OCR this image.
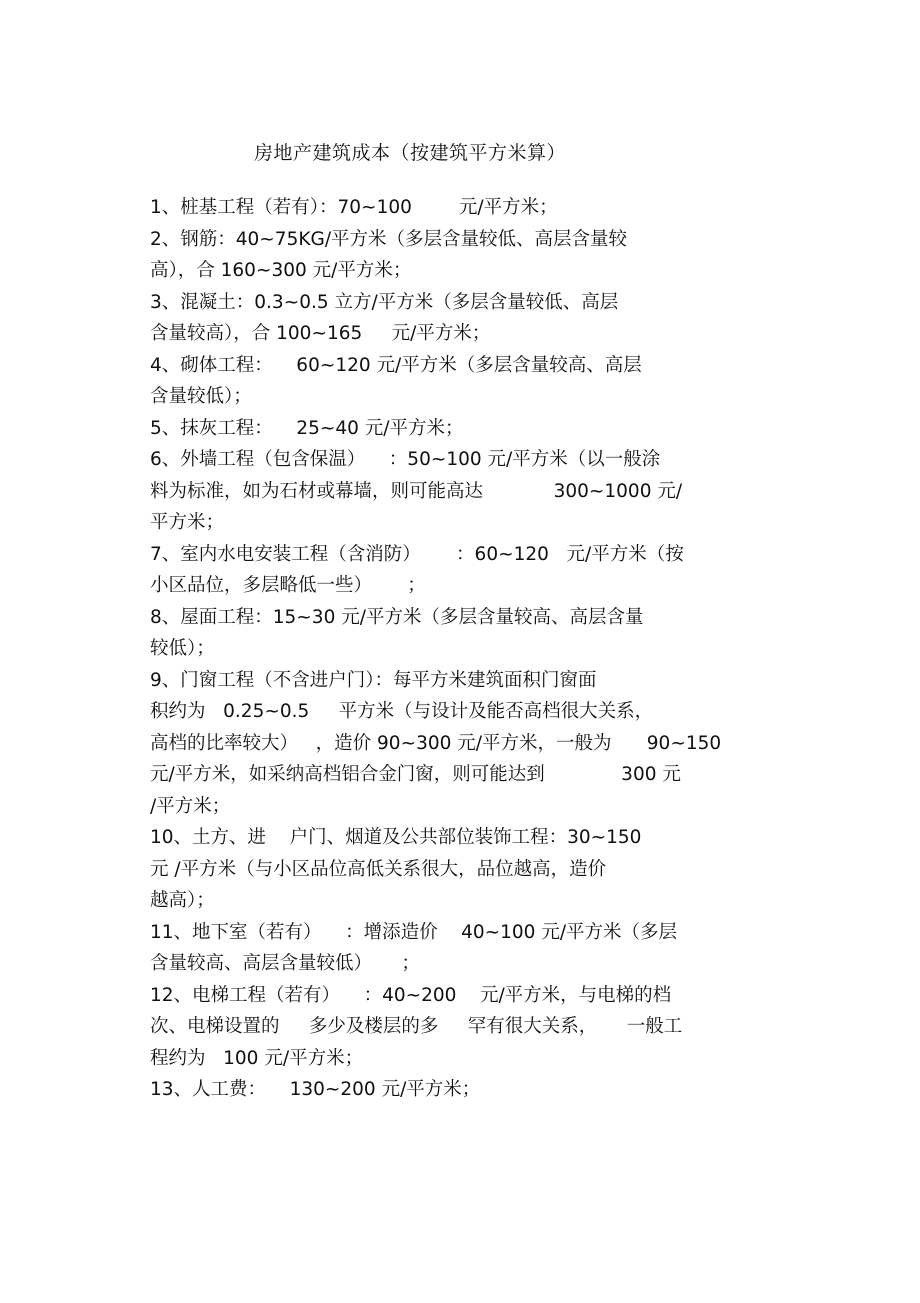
房地产建筑成本（按建筑平方米算）
1、桩基工程（若有）：70~100        元/平方米；
2、钢筋：40~75KG/平方米（多层含量较低、高层含量较
高），合 160~300 元/平方米；
3、混凝土：0.3~0.5 立方/平方米（多层含量较低、高层
含量较高），合 100~165     元/平方米；
4、砌体工程：    60~120 元/平方米（多层含量较高、高层
含量较低）；
5、抹灰工程：    25~40 元/平方米；
6、外墙工程（包含保温）    ：50~100 元/平方米（以一般涂
料为标准，如为石材或幕墙，则可能高达            300~1000 元/
平方米；
7、室内水电安装工程（含消防）      ：60~120   元/平方米（按
小区品位，多层略低一些）      ；
8、屋面工程：15~30 元/平方米（多层含量较高、高层含量
较低）；
9、门窗工程（不含进户门）：每平方米建筑面积门窗面
积约为   0.25~0.5     平方米（与设计及能否高档很大关系，
高档的比率较大）   ，造价 90~300 元/平方米，一般为      90~150
元/平方米，如采纳高档铝合金门窗，则可能达到             300 元
/平方米；
10、土方、进    户门、烟道及公共部位装饰工程：30~150
元 /平方米（与小区品位高低关系很大，品位越高，造价
越高）；
11、地下室（若有）    ：增添造价    40~100 元/平方米（多层
含量较高、高层含量较低）     ；
12、电梯工程（若有）    ：40~200    元/平方米，与电梯的档
次、电梯设置的     多少及楼层的多     罕有很大关系，     一般工
程约为   100 元/平方米；
13、人工费：    130~200 元/平方米；
